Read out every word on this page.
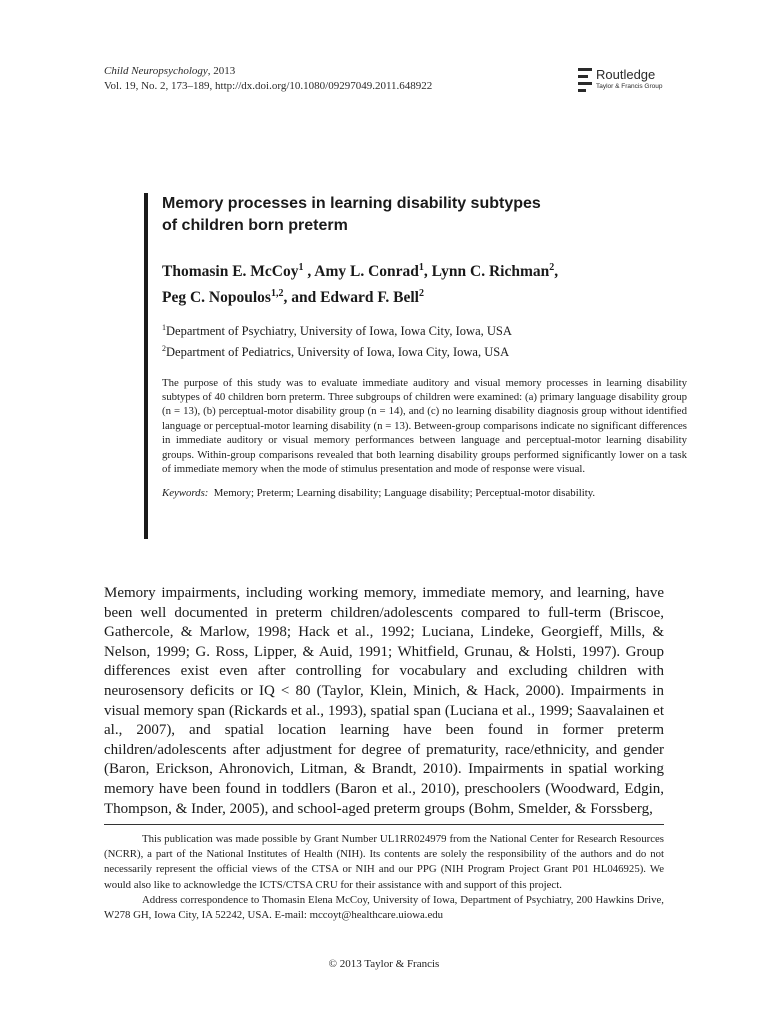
Child Neuropsychology, 2013
Vol. 19, No. 2, 173–189, http://dx.doi.org/10.1080/09297049.2011.648922
Routledge
Taylor & Francis Group
Memory processes in learning disability subtypes
of children born preterm
Thomasin E. McCoy$^1$ , Amy L. Conrad$^1$, Lynn C. Richman$^2$,
Peg C. Nopoulos$^{1,2}$, and Edward F. Bell$^2$
$^1$Department of Psychiatry, University of Iowa, Iowa City, Iowa, USA
$^2$Department of Pediatrics, University of Iowa, Iowa City, Iowa, USA
The purpose of this study was to evaluate immediate auditory and visual memory processes in learning disability subtypes of 40 children born preterm. Three subgroups of children were examined: (a) primary language disability group (n = 13), (b) perceptual-motor disability group (n = 14), and (c) no learning disability diagnosis group without identified language or perceptual-motor learning disability (n = 13). Between-group comparisons indicate no significant differences in immediate auditory or visual memory performances between language and perceptual-motor learning disability groups. Within-group comparisons revealed that both learning disability groups performed significantly lower on a task of immediate memory when the mode of stimulus presentation and mode of response were visual.
Keywords: Memory; Preterm; Learning disability; Language disability; Perceptual-motor disability.
Memory impairments, including working memory, immediate memory, and learning, have been well documented in preterm children/adolescents compared to full-term (Briscoe, Gathercole, & Marlow, 1998; Hack et al., 1992; Luciana, Lindeke, Georgieff, Mills, & Nelson, 1999; G. Ross, Lipper, & Auid, 1991; Whitfield, Grunau, & Holsti, 1997). Group differences exist even after controlling for vocabulary and excluding children with neurosensory deficits or IQ < 80 (Taylor, Klein, Minich, & Hack, 2000). Impairments in visual memory span (Rickards et al., 1993), spatial span (Luciana et al., 1999; Saavalainen et al., 2007), and spatial location learning have been found in former preterm children/adolescents after adjustment for degree of prematurity, race/ethnicity, and gender (Baron, Erickson, Ahronovich, Litman, & Brandt, 2010). Impairments in spatial working memory have been found in toddlers (Baron et al., 2010), preschoolers (Woodward, Edgin, Thompson, & Inder, 2005), and school-aged preterm groups (Bohm, Smelder, & Forssberg,

This publication was made possible by Grant Number UL1RR024979 from the National Center for Research Resources (NCRR), a part of the National Institutes of Health (NIH). Its contents are solely the responsibility of the authors and do not necessarily represent the official views of the CTSA or NIH and our PPG (NIH Program Project Grant P01 HL046925). We would also like to acknowledge the ICTS/CTSA CRU for their assistance with and support of this project.

Address correspondence to Thomasin Elena McCoy, University of Iowa, Department of Psychiatry, 200 Hawkins Drive, W278 GH, Iowa City, IA 52242, USA. E-mail: mccoyt@healthcare.uiowa.edu

© 2013 Taylor & Francis
